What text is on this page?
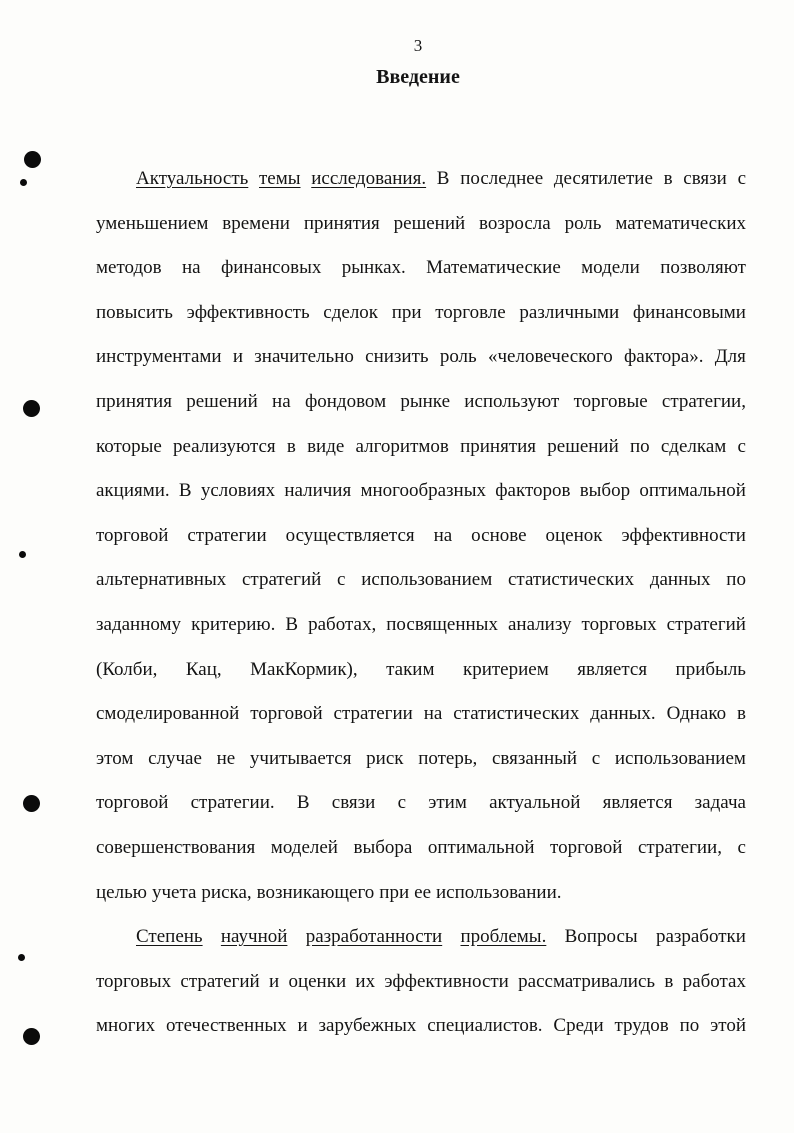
3
Введение
Актуальность темы исследования. В последнее десятилетие в связи с
уменьшением времени принятия решений возросла роль математических
методов на финансовых рынках. Математические модели позволяют
повысить эффективность сделок при торговле различными финансовыми
инструментами и значительно снизить роль «человеческого фактора». Для
принятия решений на фондовом рынке используют торговые стратегии,
которые реализуются в виде алгоритмов принятия решений по сделкам с
акциями. В условиях наличия многообразных факторов выбор оптимальной
торговой стратегии осуществляется на основе оценок эффективности
альтернативных стратегий с использованием статистических данных по
заданному критерию. В работах, посвященных анализу торговых стратегий
(Колби, Кац, МакКормик), таким критерием является прибыль
смоделированной торговой стратегии на статистических данных. Однако в
этом случае не учитывается риск потерь, связанный с использованием
торговой стратегии. В связи с этим актуальной является задача
совершенствования моделей выбора оптимальной торговой стратегии, с
целью учета риска, возникающего при ее использовании.
Степень научной разработанности проблемы. Вопросы разработки
торговых стратегий и оценки их эффективности рассматривались в работах
многих отечественных и зарубежных специалистов. Среди трудов по этой
